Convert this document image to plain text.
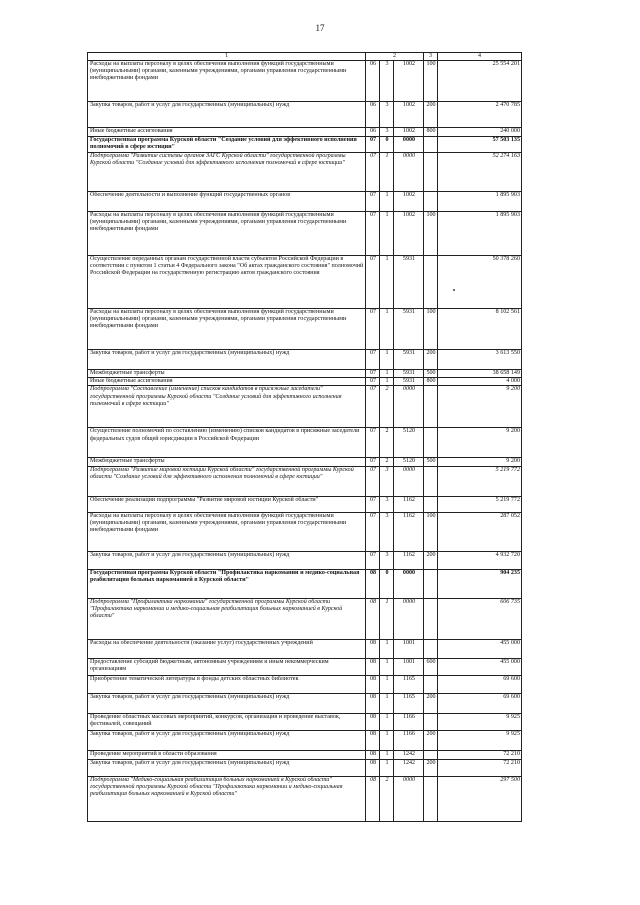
17
1	2			3	4
Расходы на выплаты персоналу в целях обеспечения выполнения функций государственными (муниципальными) органами, казенными учреждениями, органами управления государственными внебюджетными фондами	06	3	1002	100	25 554 201
Закупка товаров, работ и услуг для государственных (муниципальных) нужд	06	3	1002	200	2 470 785
Иные бюджетные ассигнования	06	3	1002	800	240 000
Государственная программа Курской области "Создание условий для эффективного исполнения полномочий в сфере юстиции"	07	0	0000		57 503 135
Подпрограмма "Развитие системы органов ЗАГС Курской области" государственной программы Курской области "Создание условий для эффективного исполнения полномочий в сфере юстиции"	07	1	0000		52 274 163
Обеспечение деятельности и выполнение функций государственных органов	07	1	1002		1 895 903
Расходы на выплаты персоналу в целях обеспечения выполнения функций государственными (муниципальными) органами, казенными учреждениями, органами управления государственными внебюджетными фондами	07	1	1002	100	1 895 903
Осуществление переданных органам государственной власти субъектов Российской Федерации в соответствии с пунктом 1 статьи 4 Федерального закона "Об актах гражданского состояния" полномочий Российской Федерации на государственную регистрацию актов гражданского состояния	07	1	5931		50 378 260
Расходы на выплаты персоналу в целях обеспечения выполнения функций государственными (муниципальными) органами, казенными учреждениями, органами управления государственными внебюджетными фондами	07	1	5931	100	8 102 561
Закупка товаров, работ и услуг для государственных (муниципальных) нужд	07	1	5931	200	3 613 550
Межбюджетные трансферты	07	1	5931	500	38 658 149
Иные бюджетные ассигнования	07	1	5931	800	4 000
Подпрограмма "Составление (изменение) списков кандидатов в присяжные заседатели" государственной программы Курской области "Создание условий для эффективного исполнения полномочий в сфере юстиции"	07	2	0000		9 200
Осуществление полномочий по составлению (изменению) списков кандидатов в присяжные заседатели федеральных судов общей юрисдикции в Российской Федерации	07	2	5120		9 200
Межбюджетные трансферты	07	2	5120	500	9 200
Подпрограмма "Развитие мировой юстиции Курской области" государственной программы Курской области "Создание условий для эффективного исполнения полномочий в сфере юстиции"	07	3	0000		5 219 772
Обеспечение реализации подпрограммы "Развитие мировой юстиции Курской области"	07	3	1162		5 219 772
Расходы на выплаты персоналу в целях обеспечения выполнения функций государственными (муниципальными) органами, казенными учреждениями, органами управления государственными внебюджетными фондами	07	3	1162	100	287 052
Закупка товаров, работ и услуг для государственных (муниципальных) нужд	07	3	1162	200	4 932 720
Государственная программа Курской области "Профилактика наркомании и медико-социальная реабилитация больных наркоманией в Курской области"	08	0	0000		904 235
Подпрограмма "Профилактика наркомании" государственной программы Курской области "Профилактика наркомании и медико-социальная реабилитация больных наркоманией в Курской области"	08	1	0000		606 735
Расходы на обеспечение деятельности (оказание услуг) государственных учреждений	08	1	1001		455 000
Предоставление субсидий бюджетным, автономным учреждениям и иным некоммерческим организациям	08	1	1001	600	455 000
Приобретение тематической литературы в фонды детских областных библиотек	08	1	1165		69 600
Закупка товаров, работ и услуг для государственных (муниципальных) нужд	08	1	1165	200	69 600
Проведение областных массовых мероприятий, конкурсов, организация и проведение выставок, фестивалей, совещаний	08	1	1166		9 925
Закупка товаров, работ и услуг для государственных (муниципальных) нужд	08	1	1166	200	9 925
Проведение мероприятий в области образования	08	1	1242		72 210
Закупка товаров, работ и услуг для государственных (муниципальных) нужд	08	1	1242	200	72 210
Подпрограмма "Медико-социальная реабилитация больных наркоманией в Курской области" государственной программы Курской области "Профилактика наркомании и медико-социальная реабилитация больных наркоманией в Курской области"	08	2	0000		297 500
